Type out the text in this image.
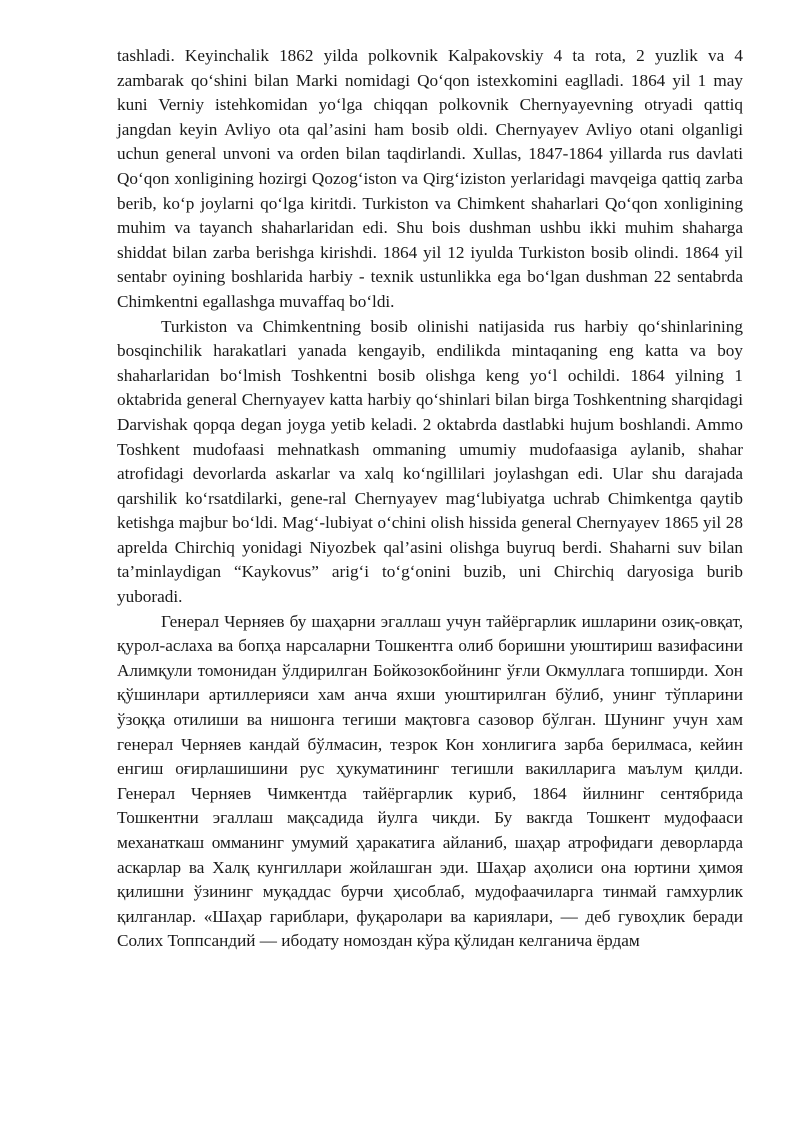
tashladi. Keyinchalik 1862 yilda polkovnik Kalpakovskiy 4 ta rota, 2 yuzlik va 4 zambarak qo‘shini bilan Marki nomidagi Qo‘qon istexkomini eaglladi. 1864 yil 1 may kuni Verniy istehkomidan yo‘lga chiqqan polkovnik Chernyayevning otryadi qattiq jangdan keyin Avliyo ota qal’asini ham bosib oldi. Chernyayev Avliyo otani olganligi uchun general unvoni va orden bilan taqdirlandi. Xullas, 1847-1864 yillarda rus davlati Qo‘qon xonligining hozirgi Qozog‘iston va Qirg‘iziston yerlaridagi mavqeiga qattiq zarba berib, ko‘p joylarni qo‘lga kiritdi. Turkiston va Chimkent shaharlari Qo‘qon xonligining muhim va tayanch shaharlaridan edi. Shu bois dushman ushbu ikki muhim shaharga shiddat bilan zarba berishga kirishdi. 1864 yil 12 iyulda Turkiston bosib olindi. 1864 yil sentabr oyining boshlarida harbiy - texnik ustunlikka ega bo‘lgan dushman 22 sentabrda Chimkentni egallashga muvaffaq bo‘ldi.

Turkiston va Chimkentning bosib olinishi natijasida rus harbiy qo‘shinlarining bosqinchilik harakatlari yanada kengayib, endilikda mintaqaning eng katta va boy shaharlaridan bo‘lmish Toshkentni bosib olishga keng yo‘l ochildi. 1864 yilning 1 oktabrida general Chernyayev katta harbiy qo‘shinlari bilan birga Toshkentning sharqidagi Darvishak qopqa degan joyga yetib keladi. 2 oktabrda dastlabki hujum boshlandi. Ammo Toshkent mudofaasi mehnatkash ommaning umumiy mudofaasiga aylanib, shahar atrofidagi devorlarda askarlar va xalq ko‘ngillilari joylashgan edi. Ular shu darajada qarshilik ko‘rsatdilarki, gene-ral Chernyayev mag‘lubiyatga uchrab Chimkentga qaytib ketishga majbur bo‘ldi. Mag‘-lubiyat o‘chini olish hissida general Chernyayev 1865 yil 28 aprelda Chirchiq yonidagi Niyozbek qal’asini olishga buyruq berdi. Shaharni suv bilan ta’minlaydigan “Kaykovus” arig‘i to‘g‘onini buzib, uni Chirchiq daryosiga burib yuboradi.

Генерал Черняев бу шаҳарни эгаллаш учун тайёргарлик ишларини озиқ-овқат, қурол-аслаха ва бопҳа нарсаларни Тошкентга олиб боришни уюштириш вазифасини Алимқули томонидан ўлдирилган Бойкозокбойнинг ўғли Окмуллага топширди. Хон қўшинлари артиллерияси хам анча яхши уюштирилган бўлиб, унинг тўпларини ўзоққа отилиши ва нишонга тегиши мақтовга сазовор бўлган. Шунинг учун хам генерал Черняев кандай бўлмасин, тезрок Кон хонлигига зарба берилмаса, кейин енгиш оғирлашишини рус ҳукуматининг тегишли вакилларига маълум қилди. Генерал Черняев Чимкентда тайёргарлик куриб, 1864 йилнинг сентябрида Тошкентни эгаллаш мақсадида йулга чикди. Бу вакгда Тошкент мудофааси механаткаш омманинг умумий ҳаракатига айланиб, шаҳар атрофидаги деворларда аскарлар ва Халқ кунгиллари жойлашган эди. Шаҳар аҳолиси она юртини ҳимоя қилишни ўзининг муқаддас бурчи ҳисоблаб, мудофаачиларга тинмай гамхурлик қилганлар. «Шаҳар гариблари, фуқаролари ва кариялари, — деб гувоҳлик беради Солих Топпсандий — ибодату номоздан кўра қўлидан келганича ёрдам
